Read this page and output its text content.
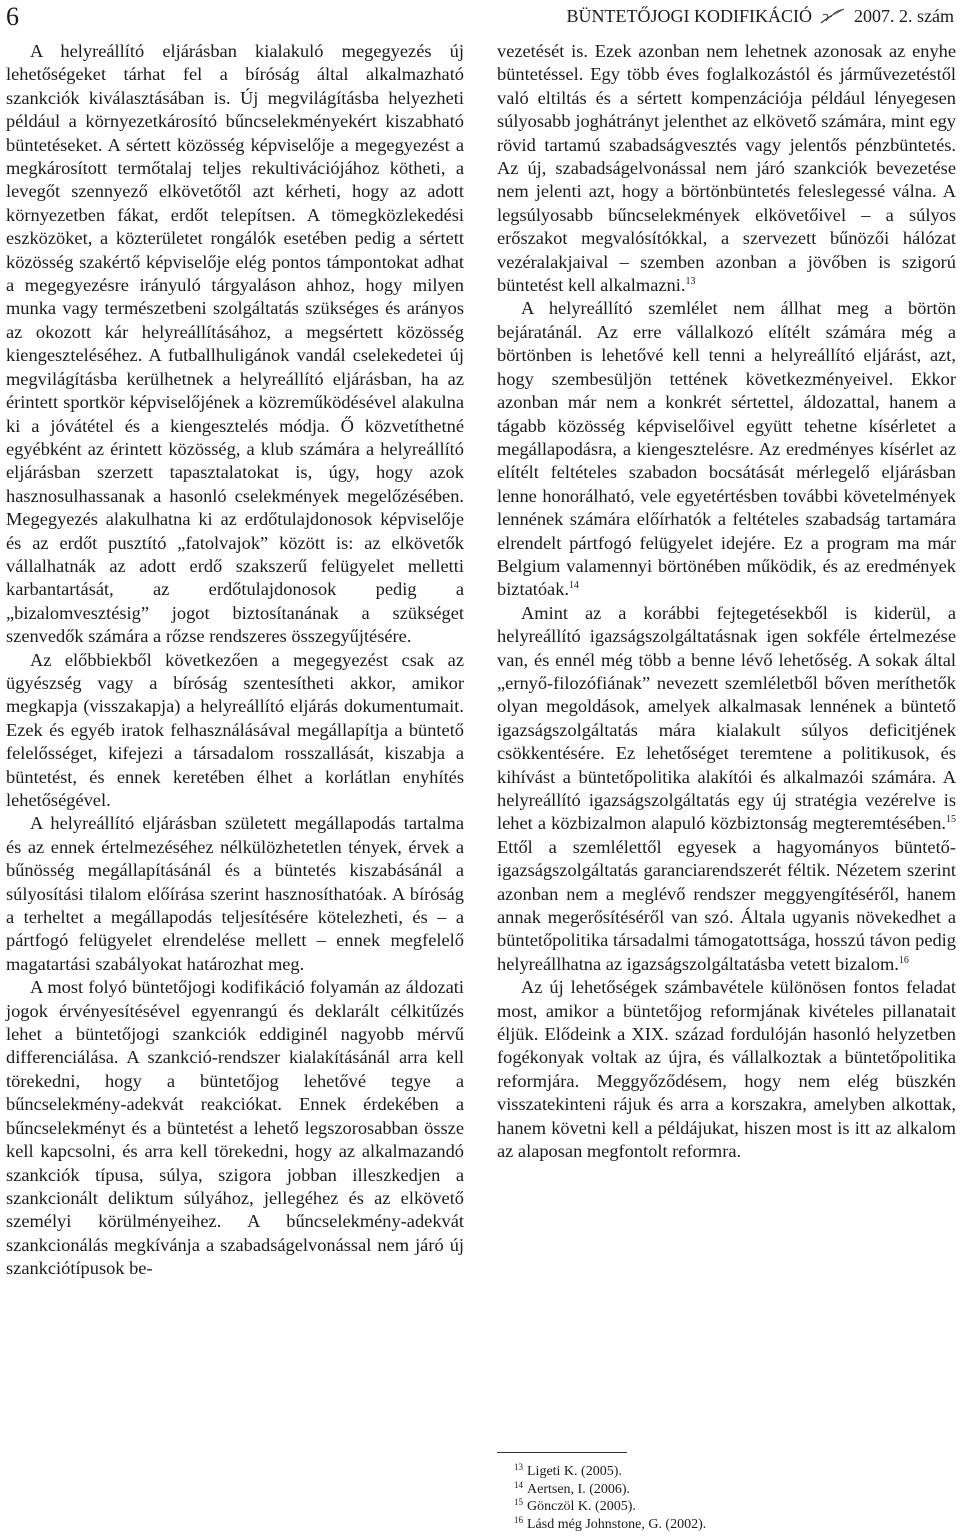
6	BÜNTETŐJOGI KODIFIKÁCIÓ 2007. 2. szám

A helyreállító eljárásban kialakuló megegyezés új lehetőségeket tárhat fel a bíróság által alkalmazható szankciók kiválasztásában is. Új megvilágításba helyezheti például a környezetkárosító bűncselekményekért kiszabható büntetéseket. A sértett közösség képviselője a megegyezést a megkárosított termőtalaj teljes rekultivációjához kötheti, a levegőt szennyező elkövetőtől azt kérheti, hogy az adott környezetben fákat, erdőt telepítsen. A tömegközlekedési eszközöket, a közterületet rongálók esetében pedig a sértett közösség szakértő képviselője elég pontos támpontokat adhat a megegyezésre irányuló tárgyaláson ahhoz, hogy milyen munka vagy természetbeni szolgáltatás szükséges és arányos az okozott kár helyreállításához, a megsértett közösség kiengeszteléséhez. A futballhuligánok vandál cselekedetei új megvilágításba kerülhetnek a helyreállító eljárásban, ha az érintett sportkör képviselőjének a közreműködésével alakulna ki a jóvátétel és a kiengesztelés módja. Ő közvetíthetné egyébként az érintett közösség, a klub számára a helyreállító eljárásban szerzett tapasztalatokat is, úgy, hogy azok hasznosulhassanak a hasonló cselekmények megelőzésében. Megegyezés alakulhatna ki az erdőtulajdonosok képviselője és az erdőt pusztító „fatolvajok” között is: az elkövetők vállalhatnák az adott erdő szakszerű felügyelet melletti karbantartását, az erdőtulajdonosok pedig a „bizalomvesztésig” jogot biztosítanának a szükséget szenvedők számára a rőzse rendszeres összegyűjtésére.

Az előbbiekből következően a megegyezést csak az ügyészség vagy a bíróság szentesítheti akkor, amikor megkapja (visszakapja) a helyreállító eljárás dokumentumait. Ezek és egyéb iratok felhasználásával megállapítja a büntető felelősséget, kifejezi a társadalom rosszallását, kiszabja a büntetést, és ennek keretében élhet a korlátlan enyhítés lehetőségével.

A helyreállító eljárásban született megállapodás tartalma és az ennek értelmezéséhez nélkülözhetetlen tények, érvek a bűnösség megállapításánál és a büntetés kiszabásánál a súlyosítási tilalom előírása szerint hasznosíthatóak. A bíróság a terheltet a megállapodás teljesítésére kötelezheti, és – a pártfogó felügyelet elrendelése mellett – ennek megfelelő magatartási szabályokat határozhat meg.

A most folyó büntetőjogi kodifikáció folyamán az áldozati jogok érvényesítésével egyenrangú és deklarált célkitűzés lehet a büntetőjogi szankciók eddiginél nagyobb mérvű differenciálása. A szankció-rendszer kialakításánál arra kell törekedni, hogy a büntetőjog lehetővé tegye a bűncselekmény-adekvát reakciókat. Ennek érdekében a bűncselekményt és a büntetést a lehető legszorosabban össze kell kapcsolni, és arra kell törekedni, hogy az alkalmazandó szankciók típusa, súlya, szigora jobban illeszkedjen a szankcionált deliktum súlyához, jellegéhez és az elkövető személyi körülményeihez. A bűncselekmény-adekvát szankcionálás megkívánja a szabadságelvonással nem járó új szankciótípusok be-

vezetését is. Ezek azonban nem lehetnek azonosak az enyhe büntetéssel. Egy több éves foglalkozástól és járművezetéstől való eltiltás és a sértett kompenzációja például lényegesen súlyosabb joghátrányt jelenthet az elkövető számára, mint egy rövid tartamú szabadságvesztés vagy jelentős pénzbüntetés. Az új, szabadságelvonással nem járó szankciók bevezetése nem jelenti azt, hogy a börtönbüntetés feleslegessé válna. A legsúlyosabb bűncselekmények elkövetőivel – a súlyos erőszakot megvalósítókkal, a szervezett bűnözői hálózat vezéralakjaival – szemben azonban a jövőben is szigorú büntetést kell alkalmazni.$^{13}$

A helyreállító szemlélet nem állhat meg a börtön bejáratánál. Az erre vállalkozó elítélt számára még a börtönben is lehetővé kell tenni a helyreállító eljárást, azt, hogy szembesüljön tettének következményeivel. Ekkor azonban már nem a konkrét sértettel, áldozattal, hanem a tágabb közösség képviselőivel együtt tehetne kísérletet a megállapodásra, a kiengesztelésre. Az eredményes kísérlet az elítélt feltételes szabadon bocsátását mérlegelő eljárásban lenne honorálható, vele egyetértésben további követelmények lennének számára előírhatók a feltételes szabadság tartamára elrendelt pártfogó felügyelet idejére. Ez a program ma már Belgium valamennyi börtönében működik, és az eredmények biztatóak.$^{14}$

Amint az a korábbi fejtegetésekből is kiderül, a helyreállító igazságszolgáltatásnak igen sokféle értelmezése van, és ennél még több a benne lévő lehetőség. A sokak által „ernyő-filozófiának” nevezett szemléletből bőven meríthetők olyan megoldások, amelyek alkalmasak lennének a büntető igazságszolgáltatás mára kialakult súlyos deficitjének csökkentésére. Ez lehetőséget teremtene a politikusok, és kihívást a büntetőpolitika alakítói és alkalmazói számára. A helyreállító igazságszolgáltatás egy új stratégia vezérelve is lehet a közbizalmon alapuló közbiztonság megteremtésében.$^{15}$ Ettől a szemlélettől egyesek a hagyományos büntető-igazságszolgáltatás garanciarendszerét féltik. Nézetem szerint azonban nem a meglévő rendszer meggyengítéséről, hanem annak megerősítéséről van szó. Általa ugyanis növekedhet a büntetőpolitika társadalmi támogatottsága, hosszú távon pedig helyreállhatna az igazságszolgáltatásba vetett bizalom.$^{16}$

Az új lehetőségek számbavétele különösen fontos feladat most, amikor a büntetőjog reformjának kivételes pillanatait éljük. Elődeink a XIX. század fordulóján hasonló helyzetben fogékonyak voltak az újra, és vállalkoztak a büntetőpolitika reformjára. Meggyőződésem, hogy nem elég büszkén visszatekinteni rájuk és arra a korszakra, amelyben alkottak, hanem követni kell a példájukat, hiszen most is itt az alkalom az alaposan megfontolt reformra.

$^{13}$ Ligeti K. (2005).
$^{14}$ Aertsen, I. (2006).
$^{15}$ Gönczöl K. (2005).
$^{16}$ Lásd még Johnstone, G. (2002).
